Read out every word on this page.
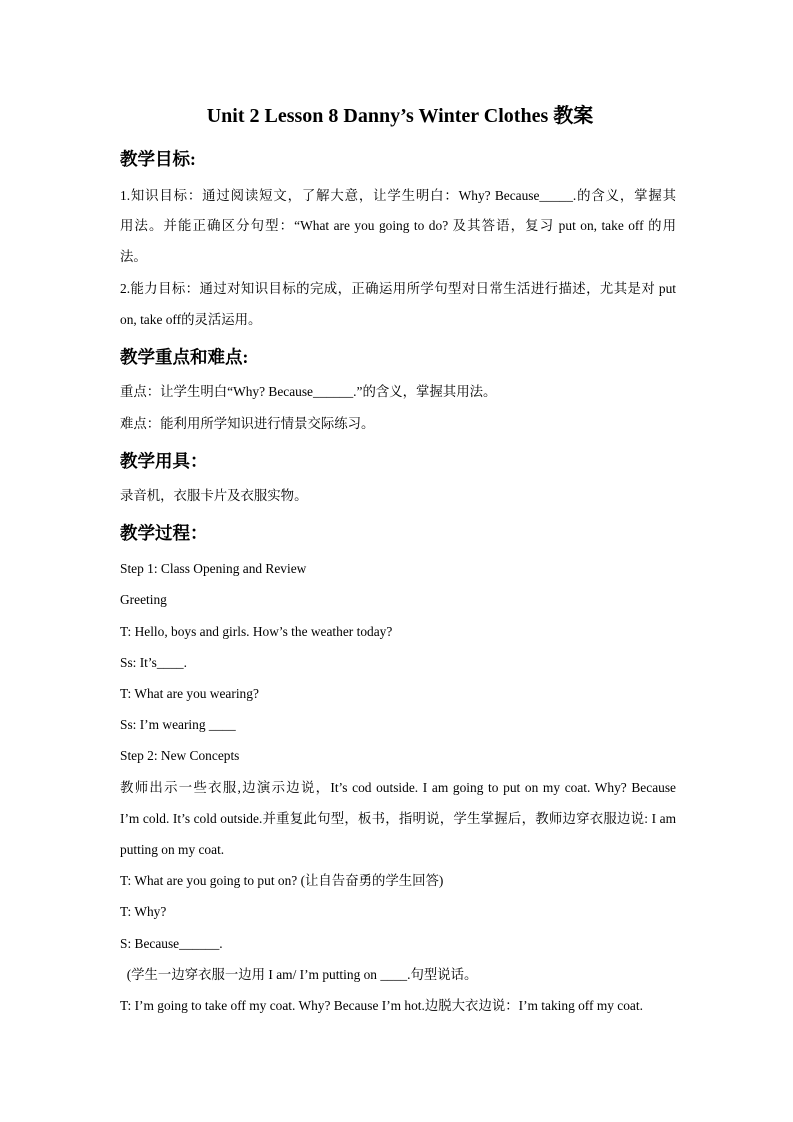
Unit 2 Lesson 8 Danny’s Winter Clothes 教案
教学目标:
1.知识目标：通过阅读短文，了解大意，让学生明白：Why? Because_____.的含义，掌握其
用法。并能正确区分句型：“What are you going to do? 及其答语，复习 put on, take off 的用
法。
2.能力目标：通过对知识目标的完成，正确运用所学句型对日常生活进行描述，尤其是对 put
on, take off的灵活运用。
教学重点和难点:
重点：让学生明白“Why? Because______.”的含义，掌握其用法。
难点：能利用所学知识进行情景交际练习。
教学用具：
录音机，衣服卡片及衣服实物。
教学过程：
Step 1: Class Opening and Review
Greeting
T: Hello, boys and girls. How’s the weather today?
Ss: It’s____.
T: What are you wearing?
Ss: I’m wearing ____
Step 2: New Concepts
教师出示一些衣服,边演示边说，It’s cod outside. I am going to put on my coat. Why? Because
I’m cold. It’s cold outside.并重复此句型，板书，指明说，学生掌握后，教师边穿衣服边说: I am
putting on my coat.
T: What are you going to put on? (让自告奋勇的学生回答)
T: Why?
S: Because______.
(学生一边穿衣服一边用 I am/ I’m putting on ____.句型说话。
T: I’m going to take off my coat. Why? Because I’m hot.边脱大衣边说：I’m taking off my coat.
